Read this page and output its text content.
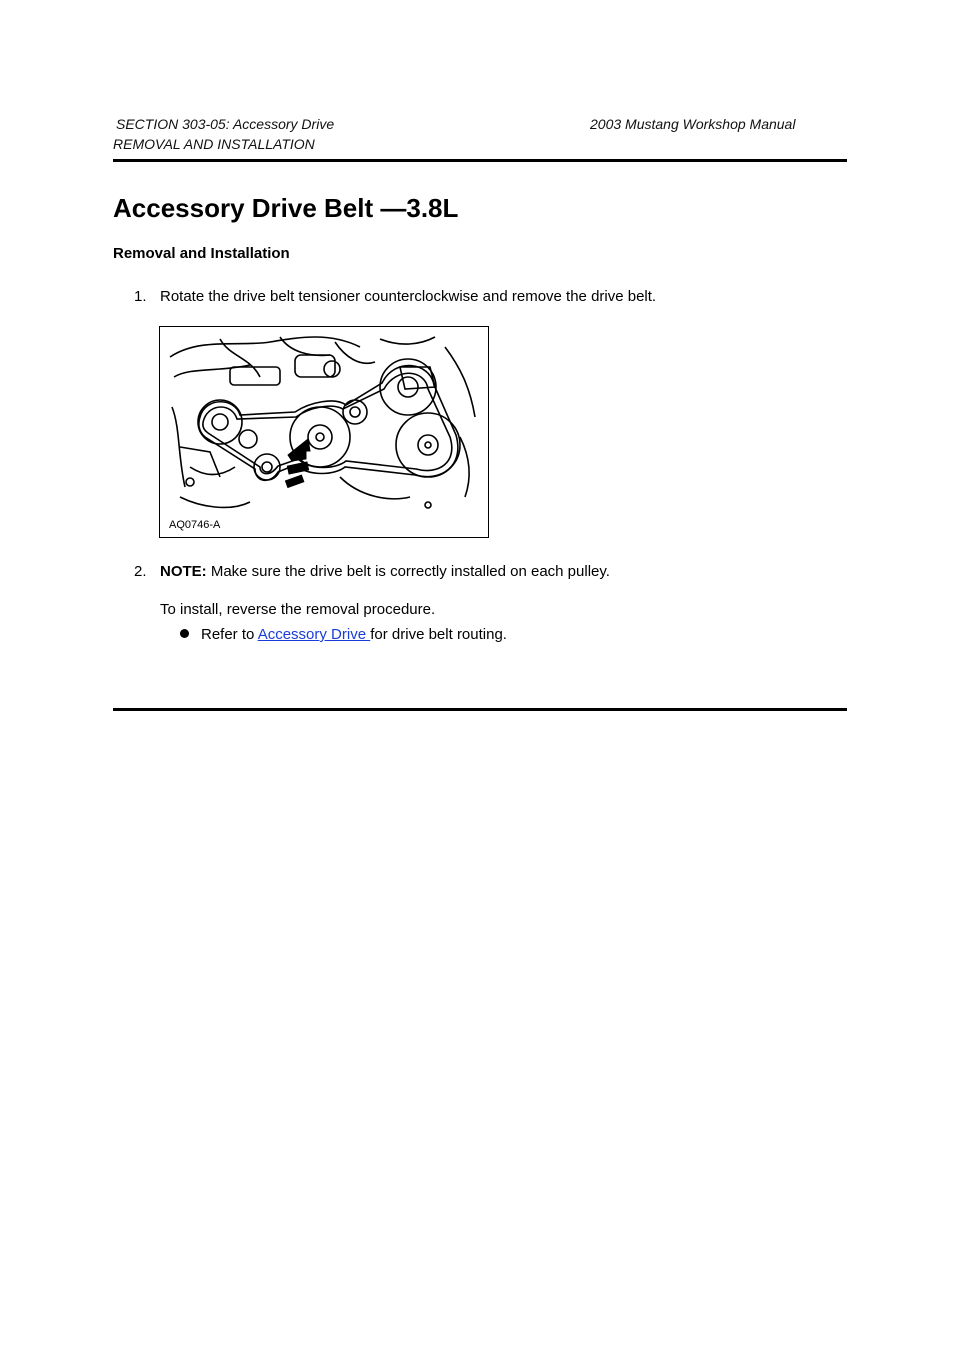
SECTION 303-05: Accessory Drive	2003 Mustang Workshop Manual
REMOVAL AND INSTALLATION
Accessory Drive Belt —3.8L
Removal and Installation
1. Rotate the drive belt tensioner counterclockwise and remove the drive belt.
AQ0746-A
2. NOTE: Make sure the drive belt is correctly installed on each pulley.
To install, reverse the removal procedure.
Refer to Accessory Drive for drive belt routing.
